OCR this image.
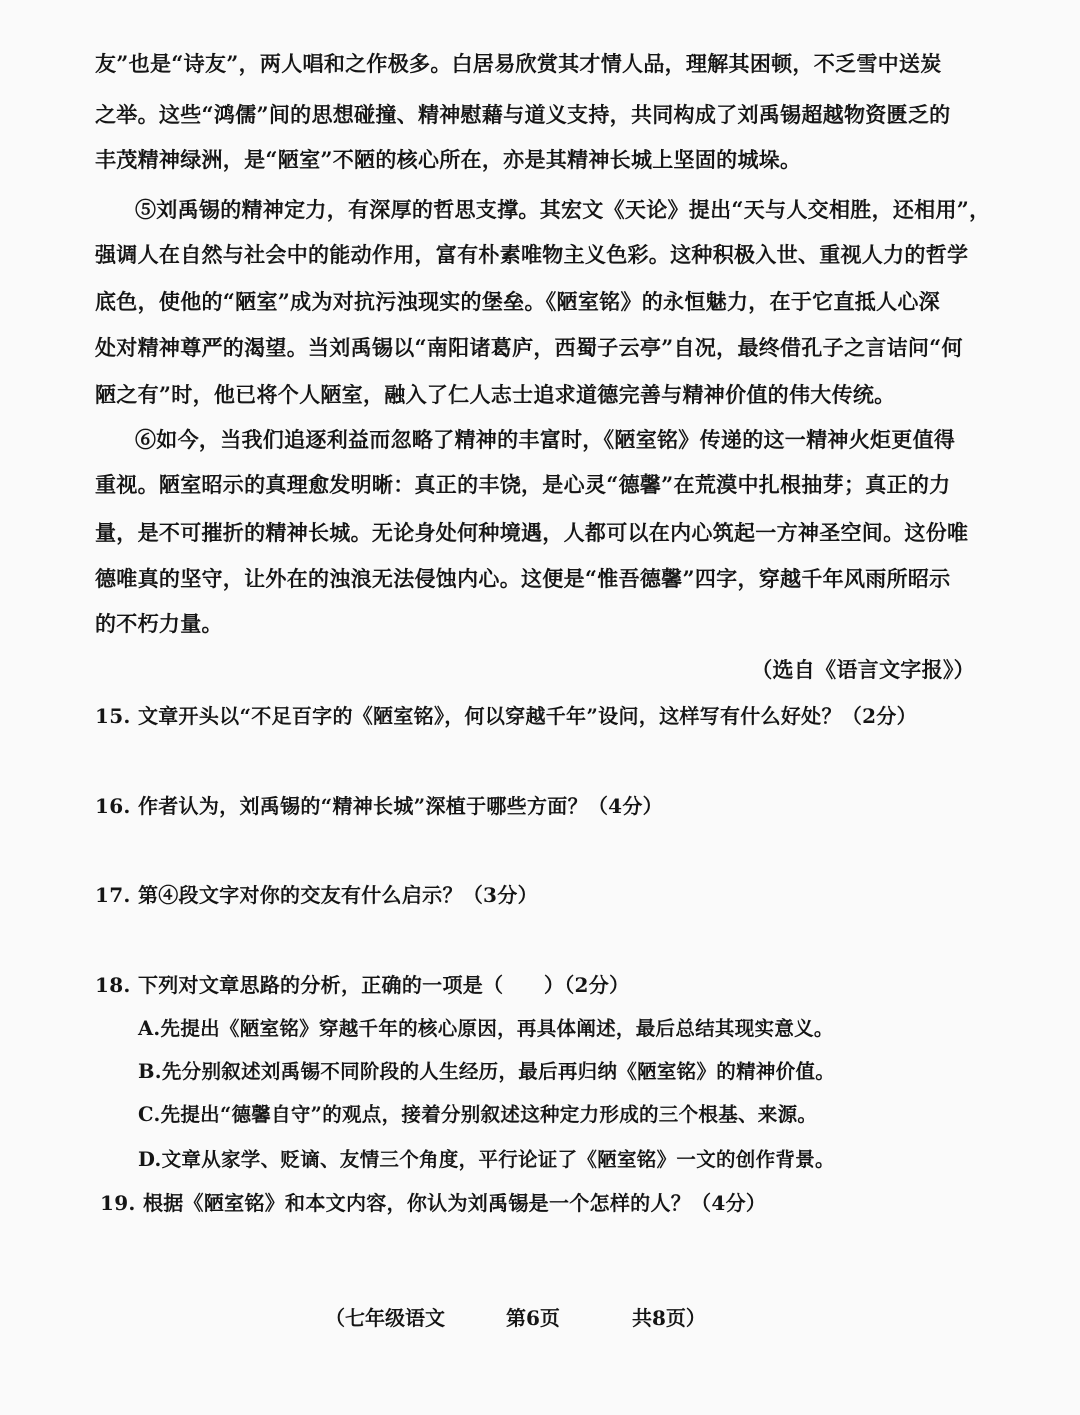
友”也是“诗友”，两人唱和之作极多。白居易欣赏其才情人品，理解其困顿，不乏雪中送炭
之举。这些“鸿儒”间的思想碰撞、精神慰藉与道义支持，共同构成了刘禹锡超越物资匮乏的
丰茂精神绿洲，是“陋室”不陋的核心所在，亦是其精神长城上坚固的城垛。
⑤刘禹锡的精神定力，有深厚的哲思支撑。其宏文《天论》提出“天与人交相胜，还相用”，
强调人在自然与社会中的能动作用，富有朴素唯物主义色彩。这种积极入世、重视人力的哲学
底色，使他的“陋室”成为对抗污浊现实的堡垒。《陋室铭》的永恒魅力，在于它直抵人心深
处对精神尊严的渴望。当刘禹锡以“南阳诸葛庐，西蜀子云亭”自况，最终借孔子之言诘问“何
陋之有”时，他已将个人陋室，融入了仁人志士追求道德完善与精神价值的伟大传统。
⑥如今，当我们追逐利益而忽略了精神的丰富时，《陋室铭》传递的这一精神火炬更值得
重视。陋室昭示的真理愈发明晰：真正的丰饶，是心灵“德馨”在荒漠中扎根抽芽；真正的力
量，是不可摧折的精神长城。无论身处何种境遇，人都可以在内心筑起一方神圣空间。这份唯
德唯真的坚守，让外在的浊浪无法侵蚀内心。这便是“惟吾德馨”四字，穿越千年风雨所昭示
的不朽力量。
（选自《语言文字报》）
15. 文章开头以“不足百字的《陋室铭》，何以穿越千年”设问，这样写有什么好处？（2分）
16. 作者认为，刘禹锡的“精神长城”深植于哪些方面？（4分）
17. 第④段文字对你的交友有什么启示？（3分）
18. 下列对文章思路的分析，正确的一项是（　　）（2分）
A.先提出《陋室铭》穿越千年的核心原因，再具体阐述，最后总结其现实意义。
B.先分别叙述刘禹锡不同阶段的人生经历，最后再归纳《陋室铭》的精神价值。
C.先提出“德馨自守”的观点，接着分别叙述这种定力形成的三个根基、来源。
D.文章从家学、贬谪、友情三个角度，平行论证了《陋室铭》一文的创作背景。
19. 根据《陋室铭》和本文内容，你认为刘禹锡是一个怎样的人？（4分）
（七年级语文	第6页	共8页）
